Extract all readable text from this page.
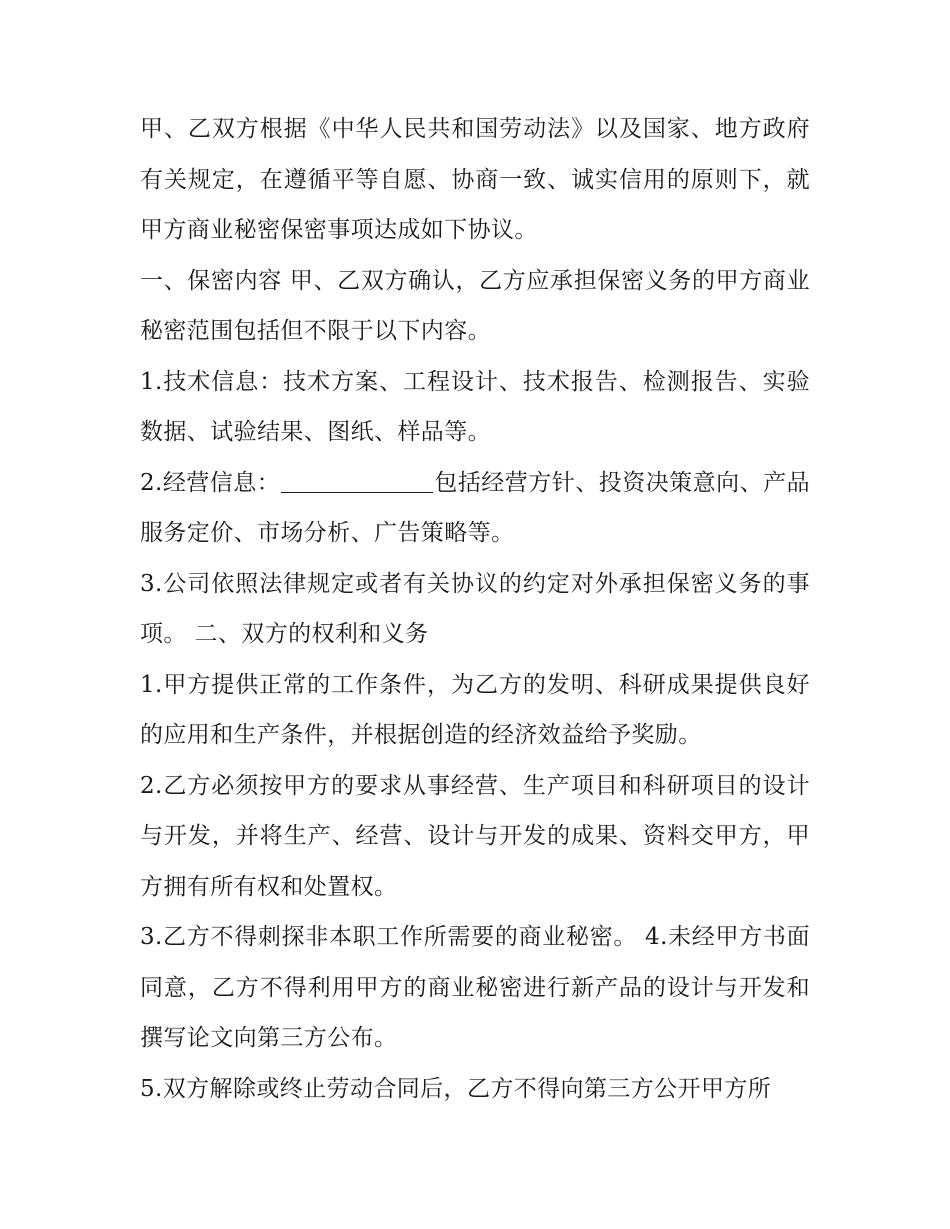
甲、乙双方根据《中华人民共和国劳动法》以及国家、地方政府有关规定，在遵循平等自愿、协商一致、诚实信用的原则下，就甲方商业秘密保密事项达成如下协议。

一、保密内容 甲、乙双方确认，乙方应承担保密义务的甲方商业秘密范围包括但不限于以下内容。

1.技术信息：技术方案、工程设计、技术报告、检测报告、实验数据、试验结果、图纸、样品等。

2.经营信息：	包括经营方针、投资决策意向、产品服务定价、市场分析、广告策略等。

3.公司依照法律规定或者有关协议的约定对外承担保密义务的事项。 二、双方的权利和义务

1.甲方提供正常的工作条件，为乙方的发明、科研成果提供良好的应用和生产条件，并根据创造的经济效益给予奖励。

2.乙方必须按甲方的要求从事经营、生产项目和科研项目的设计与开发，并将生产、经营、设计与开发的成果、资料交甲方，甲方拥有所有权和处置权。

3.乙方不得刺探非本职工作所需要的商业秘密。 4.未经甲方书面同意，乙方不得利用甲方的商业秘密进行新产品的设计与开发和撰写论文向第三方公布。

5.双方解除或终止劳动合同后，乙方不得向第三方公开甲方所
